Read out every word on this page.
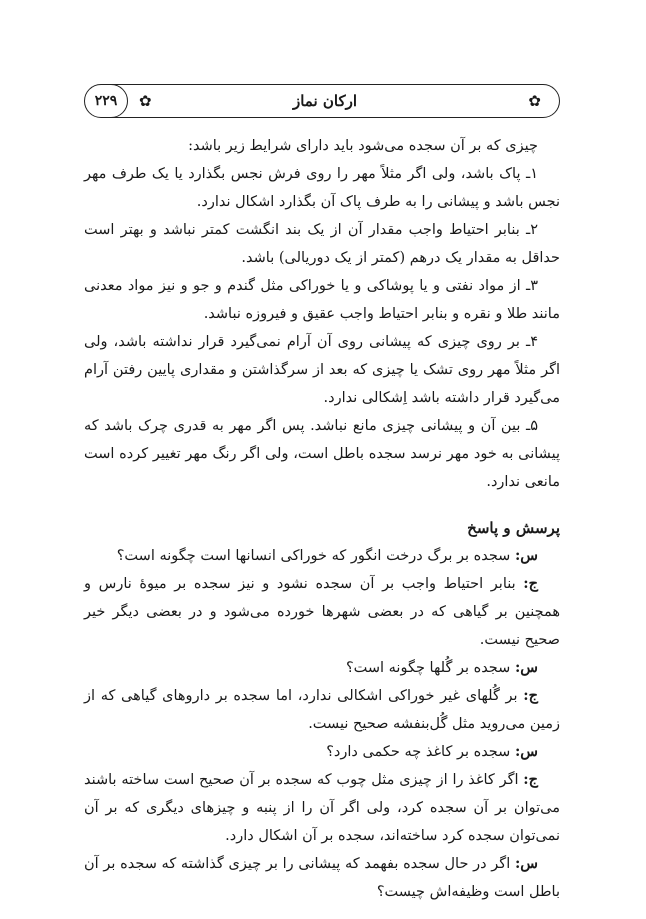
✿	ارکان نماز	✿
۲۲۹

چیزی که بر آن سجده می‌شود باید دارای شرایط زیر باشد:

۱ـ پاک باشد، ولی اگر مثلاً مهر را روی فرش نجس بگذارد یا یک طرف مهر نجس باشد و پیشانی را به طرف پاک آن بگذارد اشکال ندارد.

۲ـ بنابر احتیاط واجب مقدار آن از یک بند انگشت کمتر نباشد و بهتر است حداقل به مقدار یک درهم (کمتر از یک دوریالی) باشد.

۳ـ از مواد نفتی و یا پوشاکی و یا خوراکی مثل گندم و جو و نیز مواد معدنی مانند طلا و نقره و بنابر احتیاط واجب عقیق و فیروزه نباشد.

۴ـ بر روی چیزی که پیشانی روی آن آرام نمی‌گیرد قرار نداشته باشد، ولی اگر مثلاً مهر روی تشک یا چیزی که بعد از سرگذاشتن و مقداری پایین رفتن آرام می‌گیرد قرار داشته باشد اِشکالی ندارد.

۵ـ بین آن و پیشانی چیزی مانع نباشد. پس اگر مهر به قدری چرک باشد که پیشانی به خود مهر نرسد سجده باطل است، ولی اگر رنگ مهر تغییر کرده است مانعی ندارد.

پرسش و پاسخ

س: سجده بر برگ درخت انگور که خوراکی انسانها است چگونه است؟

ج: بنابر احتیاط واجب بر آن سجده نشود و نیز سجده بر میوهٔ نارس و همچنین بر گیاهی که در بعضی شهرها خورده می‌شود و در بعضی دیگر خیر صحیح نیست.

س: سجده بر گُلها چگونه است؟

ج: بر گُلهای غیر خوراکی اشکالی ندارد، اما سجده بر داروهای گیاهی که از زمین می‌روید مثل گُل‌بنفشه صحیح نیست.

س: سجده بر کاغذ چه حکمی دارد؟

ج: اگر کاغذ را از چیزی مثل چوب که سجده بر آن صحیح است ساخته باشند می‌توان بر آن سجده کرد، ولی اگر آن را از پنبه و چیزهای دیگری که بر آن نمی‌توان سجده کرد ساخته‌اند، سجده بر آن اشکال دارد.

س: اگر در حال سجده بفهمد که پیشانی را بر چیزی گذاشته که سجده بر آن باطل است وظیفه‌اش چیست؟
